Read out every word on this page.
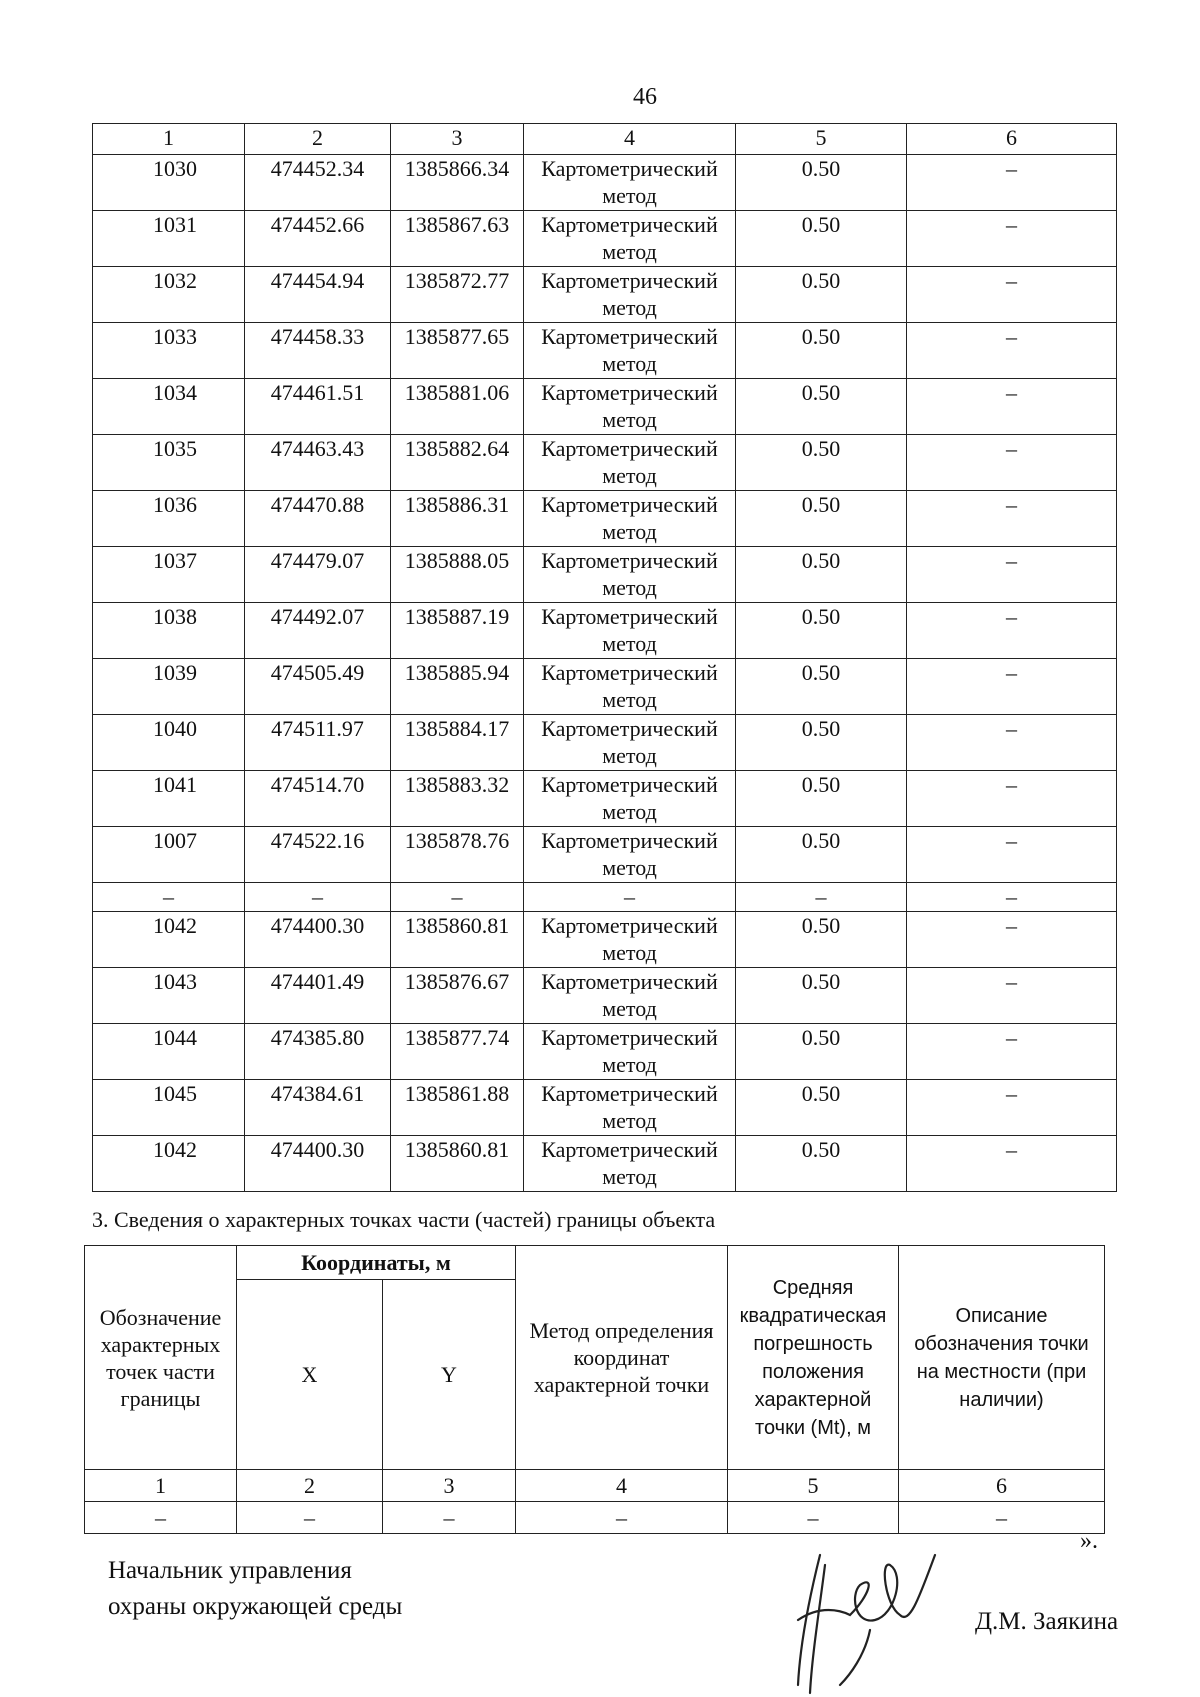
46
1	2	3	4	5	6
1030	474452.34	1385866.34	Картометрический метод	0.50	–
1031	474452.66	1385867.63	Картометрический метод	0.50	–
1032	474454.94	1385872.77	Картометрический метод	0.50	–
1033	474458.33	1385877.65	Картометрический метод	0.50	–
1034	474461.51	1385881.06	Картометрический метод	0.50	–
1035	474463.43	1385882.64	Картометрический метод	0.50	–
1036	474470.88	1385886.31	Картометрический метод	0.50	–
1037	474479.07	1385888.05	Картометрический метод	0.50	–
1038	474492.07	1385887.19	Картометрический метод	0.50	–
1039	474505.49	1385885.94	Картометрический метод	0.50	–
1040	474511.97	1385884.17	Картометрический метод	0.50	–
1041	474514.70	1385883.32	Картометрический метод	0.50	–
1007	474522.16	1385878.76	Картометрический метод	0.50	–
–	–	–	–	–	–
1042	474400.30	1385860.81	Картометрический метод	0.50	–
1043	474401.49	1385876.67	Картометрический метод	0.50	–
1044	474385.80	1385877.74	Картометрический метод	0.50	–
1045	474384.61	1385861.88	Картометрический метод	0.50	–
1042	474400.30	1385860.81	Картометрический метод	0.50	–
3. Сведения о характерных точках части (частей) границы объекта
Обозначение характерных точек части границы	Координаты, м		Метод определения координат характерной точки	Средняя квадратическая погрешность положения характерной точки (Mt), м	Описание обозначения точки на местности (при наличии)
	X	Y			
1	2	3	4	5	6
–	–	–	–	–	–
Начальник управления
охраны окружающей среды
».
Д.М. Заякина
